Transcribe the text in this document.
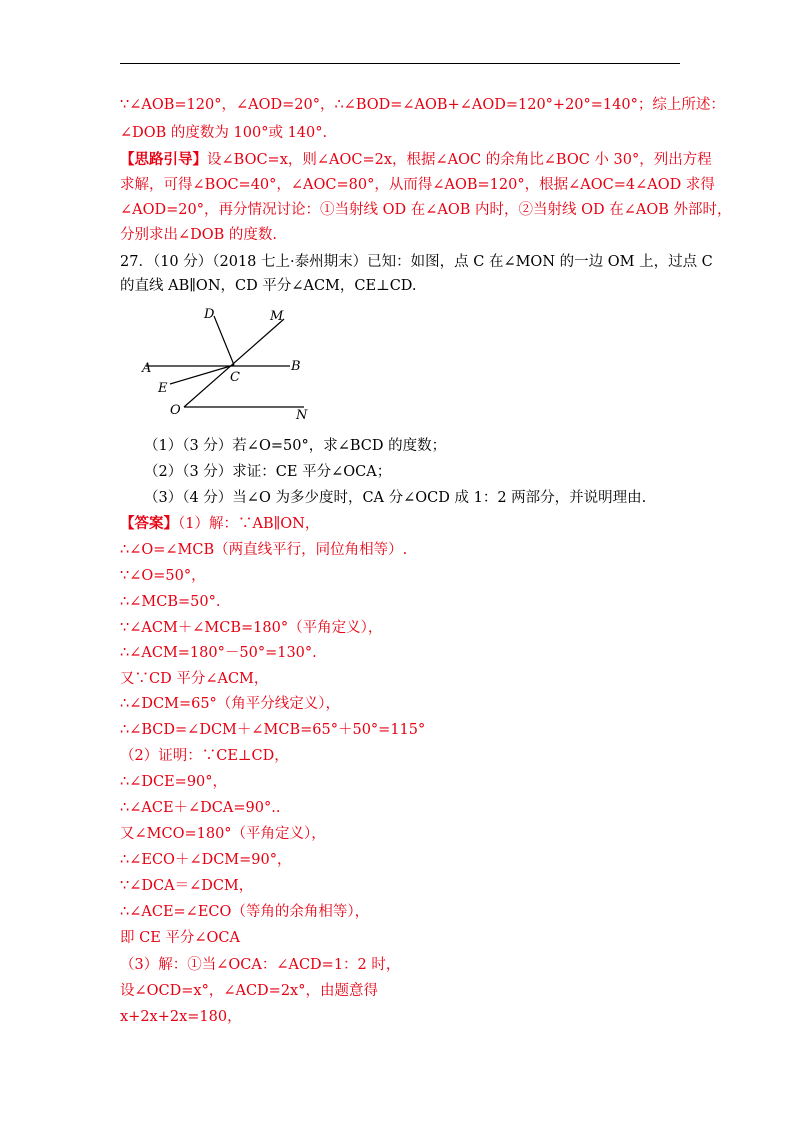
∵∠AOB=120°，∠AOD=20°，∴∠BOD=∠AOB+∠AOD=120°+20°=140°；综上所述：
∠DOB 的度数为 100°或 140°.
【思路引导】设∠BOC=x，则∠AOC=2x，根据∠AOC 的余角比∠BOC 小 30°，列出方程
求解，可得∠BOC=40°，∠AOC=80°，从而得∠AOB=120°，根据∠AOC=4∠AOD 求得
∠AOD=20°，再分情况讨论：①当射线 OD 在∠AOB 内时，②当射线 OD 在∠AOB 外部时，
分别求出∠DOB 的度数.
27．（10 分）（2018 七上·泰州期末）已知：如图，点 C 在∠MON 的一边 OM 上，过点 C
的直线 AB∥ON，CD 平分∠ACM，CE⊥CD.
D	M
A	B
C
E
O	N
（1）（3 分）若∠O=50°，求∠BCD 的度数；
（2）（3 分）求证：CE 平分∠OCA；
（3）（4 分）当∠O 为多少度时，CA 分∠OCD 成 1：2 两部分，并说明理由.
【答案】（1）解：∵AB∥ON，
∴∠O=∠MCB（两直线平行，同位角相等）.
∵∠O=50°，
∴∠MCB=50°.
∵∠ACM＋∠MCB=180°（平角定义），
∴∠ACM=180°－50°=130°.
又∵CD 平分∠ACM，
∴∠DCM=65°（角平分线定义），
∴∠BCD=∠DCM＋∠MCB=65°＋50°=115°
（2）证明：∵CE⊥CD，
∴∠DCE=90°，
∴∠ACE＋∠DCA=90°..
又∠MCO=180°（平角定义），
∴∠ECO＋∠DCM=90°，
∵∠DCA＝∠DCM，
∴∠ACE=∠ECO（等角的余角相等），
即 CE 平分∠OCA
（3）解：①当∠OCA：∠ACD=1：2 时，
设∠OCD=x°，∠ACD=2x°，由题意得
x+2x+2x=180，
